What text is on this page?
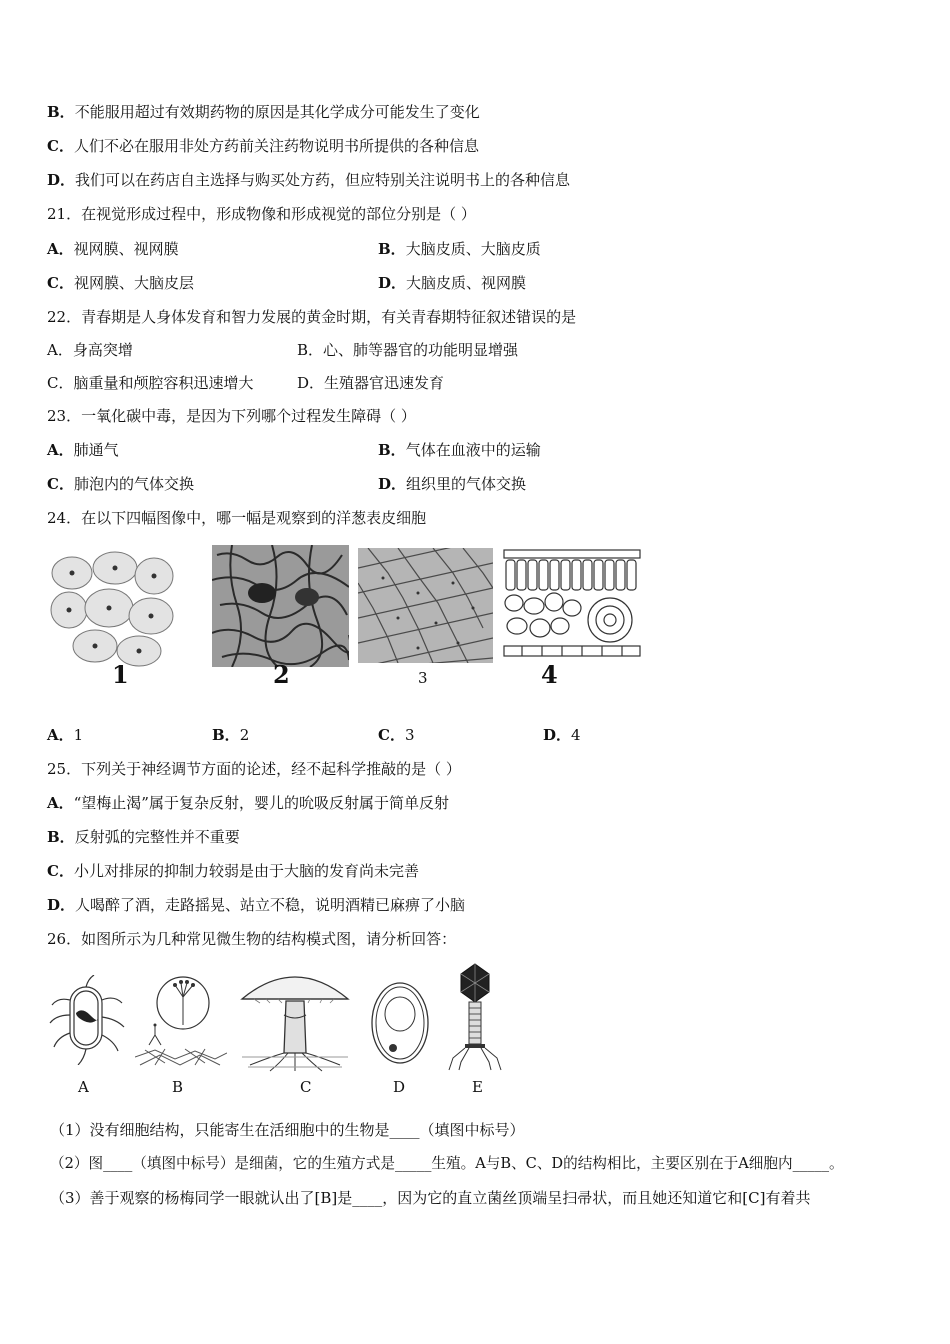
B．不能服用超过有效期药物的原因是其化学成分可能发生了变化
C．人们不必在服用非处方药前关注药物说明书所提供的各种信息
D．我们可以在药店自主选择与购买处方药，但应特别关注说明书上的各种信息
21．在视觉形成过程中，形成物像和形成视觉的部位分别是（ ）
A．视网膜、视网膜	B．大脑皮质、大脑皮质
C．视网膜、大脑皮层	D．大脑皮质、视网膜
22．青春期是人身体发育和智力发展的黄金时期，有关青春期特征叙述错误的是
A．身高突增	B．心、肺等器官的功能明显增强
C．脑重量和颅腔容积迅速增大	D．生殖器官迅速发育
23．一氧化碳中毒，是因为下列哪个过程发生障碍（ ）
A．肺通气	B．气体在血液中的运输
C．肺泡内的气体交换	D．组织里的气体交换
24．在以下四幅图像中，哪一幅是观察到的洋葱表皮细胞
1	2	3	4
A．1	B．2	C．3	D．4
25．下列关于神经调节方面的论述，经不起科学推敲的是（ ）
A．“望梅止渴”属于复杂反射，婴儿的吮吸反射属于简单反射
B．反射弧的完整性并不重要
C．小儿对排尿的抑制力较弱是由于大脑的发育尚未完善
D．人喝醉了酒，走路摇晃、站立不稳，说明酒精已麻痹了小脑
26．如图所示为几种常见微生物的结构模式图，请分析回答：
A	B	C	D	E
（1）没有细胞结构，只能寄生在活细胞中的生物是____（填图中标号）
（2）图____（填图中标号）是细菌，它的生殖方式是_____生殖。A与B、C、D的结构相比，主要区别在于A细胞内_____。
（3）善于观察的杨梅同学一眼就认出了[B]是____，因为它的直立菌丝顶端呈扫帚状，而且她还知道它和[C]有着共
